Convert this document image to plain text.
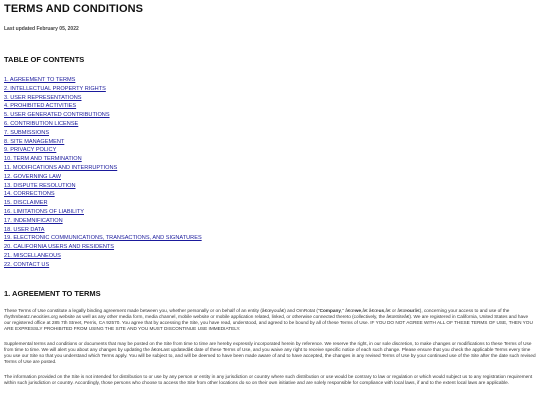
TERMS AND CONDITIONS
Last updated February 05, 2022
TABLE OF CONTENTS
1. AGREEMENT TO TERMS
2. INTELLECTUAL PROPERTY RIGHTS
3. USER REPRESENTATIONS
4. PROHIBITED ACTIVITIES
5. USER GENERATED CONTRIBUTIONS
6. CONTRIBUTION LICENSE
7. SUBMISSIONS
8. SITE MANAGEMENT
9. PRIVACY POLICY
10. TERM AND TERMINATION
11. MODIFICATIONS AND INTERRUPTIONS
12. GOVERNING LAW
13. DISPUTE RESOLUTION
14. CORRECTIONS
15. DISCLAIMER
16. LIMITATIONS OF LIABILITY
17. INDEMNIFICATION
18. USER DATA
19. ELECTRONIC COMMUNICATIONS, TRANSACTIONS, AND SIGNATURES
20. CALIFORNIA USERS AND RESIDENTS
21. MISCELLANEOUS
22. CONTACT US
1. AGREEMENT TO TERMS

These Terms of Use constitute a legally binding agreement made between you, whether personally or on behalf of an entity (â€œyouâ€) and OmRotat ("Company," â€œwe,â€ â€œus,â€ or â€œourâ€), concerning your access to and use of the rhythmbeatz.neocities.org website as well as any other media form, media channel, mobile website or mobile application related, linked, or otherwise connected thereto (collectively, the â€œSiteâ€). We are registered in California, United States and have our registered office at 285 7th Street, Perris, CA 92570. You agree that by accessing the Site, you have read, understood, and agreed to be bound by all of these Terms of Use. IF YOU DO NOT AGREE WITH ALL OF THESE TERMS OF USE, THEN YOU ARE EXPRESSLY PROHIBITED FROM USING THE SITE AND YOU MUST DISCONTINUE USE IMMEDIATELY.

Supplemental terms and conditions or documents that may be posted on the Site from time to time are hereby expressly incorporated herein by reference. We reserve the right, in our sole discretion, to make changes or modifications to these Terms of Use from time to time. We will alert you about any changes by updating the â€œLast updatedâ€ date of these Terms of Use, and you waive any right to receive specific notice of each such change. Please ensure that you check the applicable Terms every time you use our Site so that you understand which Terms apply. You will be subject to, and will be deemed to have been made aware of and to have accepted, the changes in any revised Terms of Use by your continued use of the Site after the date such revised Terms of Use are posted.

The information provided on the Site is not intended for distribution to or use by any person or entity in any jurisdiction or country where such distribution or use would be contrary to law or regulation or which would subject us to any registration requirement within such jurisdiction or country. Accordingly, those persons who choose to access the Site from other locations do so on their own initiative and are solely responsible for compliance with local laws, if and to the extent local laws are applicable.
